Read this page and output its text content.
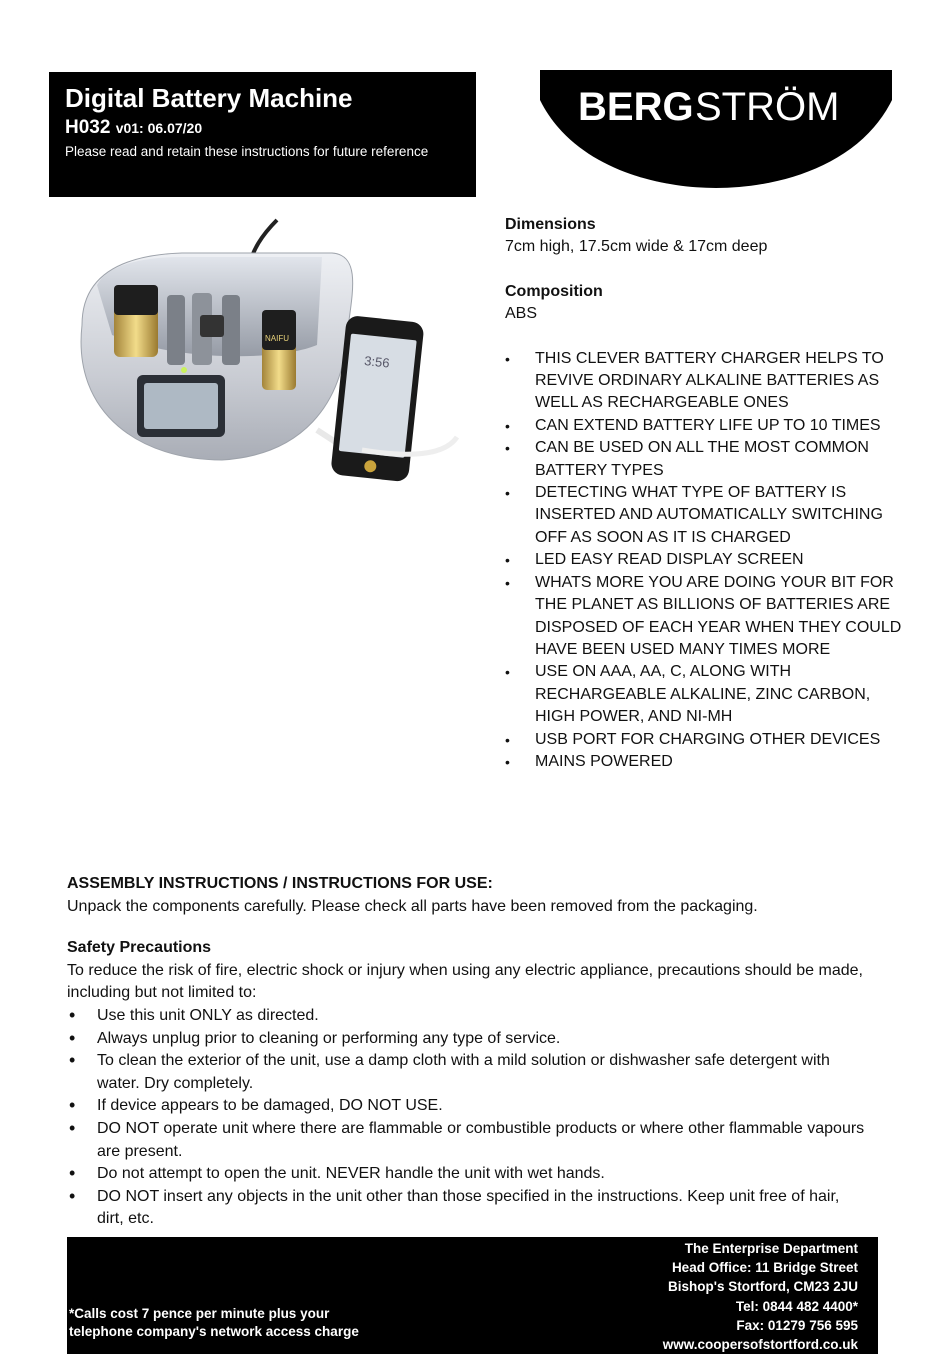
Digital Battery Machine
H032 v01: 06.07/20
Please read and retain these instructions for future reference
BERG STRÖM
NAIFU
3:56
Dimensions
7cm high, 17.5cm wide & 17cm deep
Composition
ABS
• THIS CLEVER BATTERY CHARGER HELPS TO REVIVE ORDINARY ALKALINE BATTERIES AS WELL AS RECHARGEABLE ONES
• CAN EXTEND BATTERY LIFE UP TO 10 TIMES
• CAN BE USED ON ALL THE MOST COMMON BATTERY TYPES
• DETECTING WHAT TYPE OF BATTERY IS INSERTED AND AUTOMATICALLY SWITCHING OFF AS SOON AS IT IS CHARGED
• LED EASY READ DISPLAY SCREEN
• WHATS MORE YOU ARE DOING YOUR BIT FOR THE PLANET AS BILLIONS OF BATTERIES ARE DISPOSED OF EACH YEAR WHEN THEY COULD HAVE BEEN USED MANY TIMES MORE
• USE ON AAA, AA, C, ALONG WITH RECHARGEABLE ALKALINE, ZINC CARBON, HIGH POWER, AND NI-MH
• USB PORT FOR CHARGING OTHER DEVICES
• MAINS POWERED
ASSEMBLY INSTRUCTIONS / INSTRUCTIONS FOR USE:
Unpack the components carefully. Please check all parts have been removed from the packaging.
Safety Precautions
To reduce the risk of fire, electric shock or injury when using any electric appliance, precautions should be made, including but not limited to:
• Use this unit ONLY as directed.
• Always unplug prior to cleaning or performing any type of service.
• To clean the exterior of the unit, use a damp cloth with a mild solution or dishwasher safe detergent with water. Dry completely.
• If device appears to be damaged, DO NOT USE.
• DO NOT operate unit where there are flammable or combustible products or where other flammable vapours are present.
• Do not attempt to open the unit. NEVER handle the unit with wet hands.
• DO NOT insert any objects in the unit other than those specified in the instructions. Keep unit free of hair, dirt, etc.
The Enterprise Department
Head Office: 11 Bridge Street
Bishop's Stortford, CM23 2JU
Tel: 0844 482 4400*
Fax: 01279 756 595
www.coopersofstortford.co.uk
*Calls cost 7 pence per minute plus your
telephone company's network access charge
